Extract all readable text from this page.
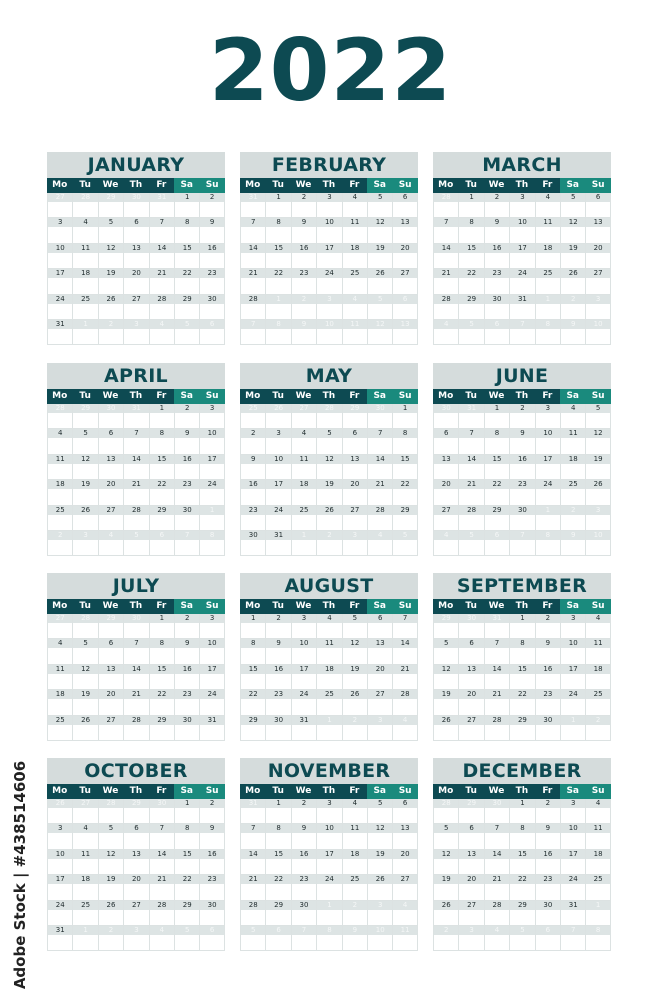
2022
JANUARY
Mo	Tu	We	Th	Fr	Sa	Su
27	28	29	30	31	1	2
3	4	5	6	7	8	9
10	11	12	13	14	15	16
17	18	19	20	21	22	23
24	25	26	27	28	29	30
31	1	2	3	4	5	6
FEBRUARY
Mo	Tu	We	Th	Fr	Sa	Su
31	1	2	3	4	5	6
7	8	9	10	11	12	13
14	15	16	17	18	19	20
21	22	23	24	25	26	27
28	1	2	3	4	5	6
7	8	9	10	11	12	13
MARCH
Mo	Tu	We	Th	Fr	Sa	Su
28	1	2	3	4	5	6
7	8	9	10	11	12	13
14	15	16	17	18	19	20
21	22	23	24	25	26	27
28	29	30	31	1	2	3
4	5	6	7	8	9	10
APRIL
Mo	Tu	We	Th	Fr	Sa	Su
28	29	30	31	1	2	3
4	5	6	7	8	9	10
11	12	13	14	15	16	17
18	19	20	21	22	23	24
25	26	27	28	29	30	1
2	3	4	5	6	7	8
MAY
Mo	Tu	We	Th	Fr	Sa	Su
25	26	27	28	29	30	1
2	3	4	5	6	7	8
9	10	11	12	13	14	15
16	17	18	19	20	21	22
23	24	25	26	27	28	29
30	31	1	2	3	4	5
JUNE
Mo	Tu	We	Th	Fr	Sa	Su
30	31	1	2	3	4	5
6	7	8	9	10	11	12
13	14	15	16	17	18	19
20	21	22	23	24	25	26
27	28	29	30	1	2	3
4	5	6	7	8	9	10
JULY
Mo	Tu	We	Th	Fr	Sa	Su
27	28	29	30	1	2	3
4	5	6	7	8	9	10
11	12	13	14	15	16	17
18	19	20	21	22	23	24
25	26	27	28	29	30	31
AUGUST
Mo	Tu	We	Th	Fr	Sa	Su
1	2	3	4	5	6	7
8	9	10	11	12	13	14
15	16	17	18	19	20	21
22	23	24	25	26	27	28
29	30	31	1	2	3	4
SEPTEMBER
Mo	Tu	We	Th	Fr	Sa	Su
29	30	31	1	2	3	4
5	6	7	8	9	10	11
12	13	14	15	16	17	18
19	20	21	22	23	24	25
26	27	28	29	30	1	2
OCTOBER
Mo	Tu	We	Th	Fr	Sa	Su
26	27	28	29	30	1	2
3	4	5	6	7	8	9
10	11	12	13	14	15	16
17	18	19	20	21	22	23
24	25	26	27	28	29	30
31	1	2	3	4	5	6
NOVEMBER
Mo	Tu	We	Th	Fr	Sa	Su
31	1	2	3	4	5	6
7	8	9	10	11	12	13
14	15	16	17	18	19	20
21	22	23	24	25	26	27
28	29	30	1	2	3	4
5	6	7	8	9	10	11
DECEMBER
Mo	Tu	We	Th	Fr	Sa	Su
28	29	30	1	2	3	4
5	6	7	8	9	10	11
12	13	14	15	16	17	18
19	20	21	22	23	24	25
26	27	28	29	30	31	1
2	3	4	5	6	7	8
Adobe Stock | #438514606
